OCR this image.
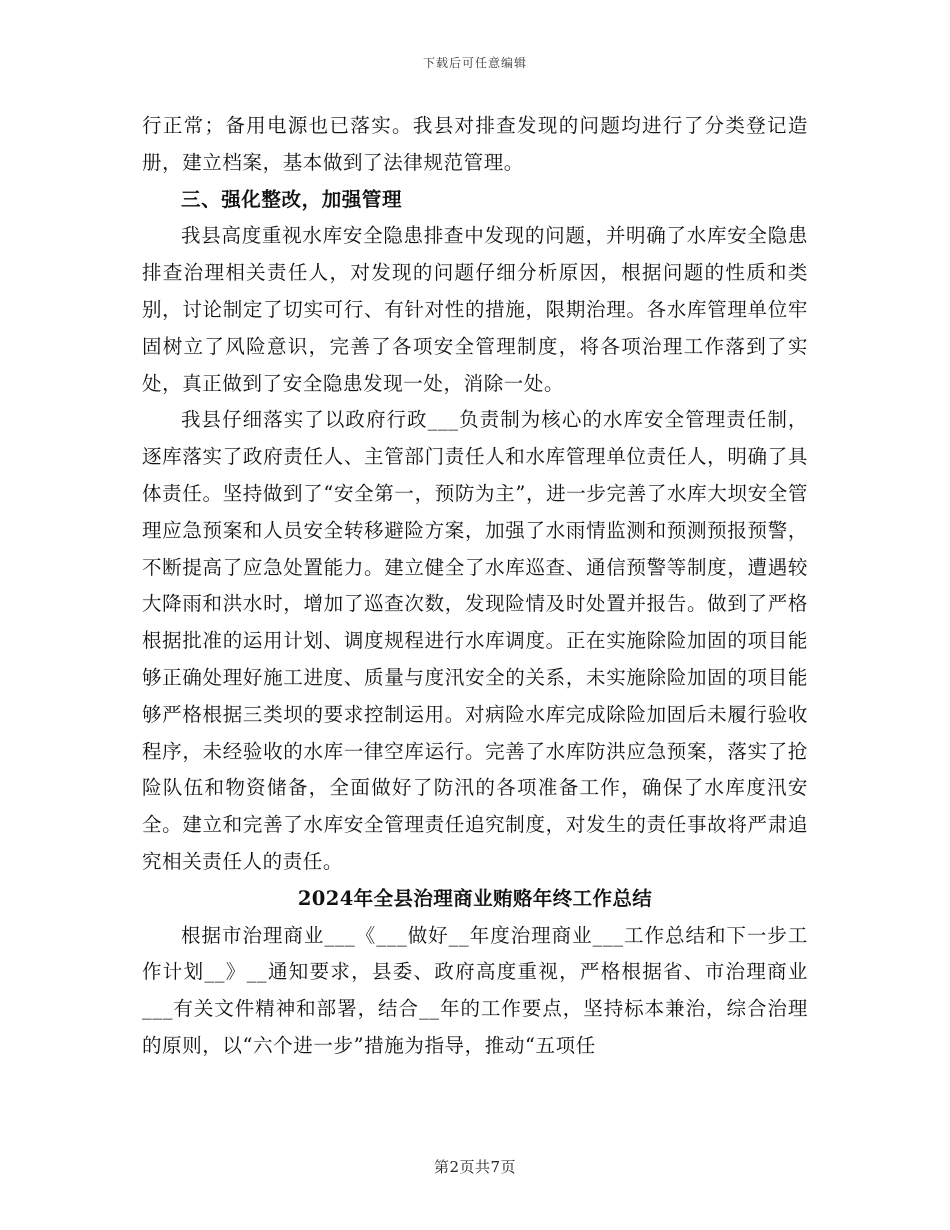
下载后可任意编辑

行正常；备用电源也已落实。我县对排查发现的问题均进行了分类登记造册，建立档案，基本做到了法律规范管理。

三、强化整改，加强管理

我县高度重视水库安全隐患排查中发现的问题，并明确了水库安全隐患排查治理相关责任人，对发现的问题仔细分析原因，根据问题的性质和类别，讨论制定了切实可行、有针对性的措施，限期治理。各水库管理单位牢固树立了风险意识，完善了各项安全管理制度，将各项治理工作落到了实处，真正做到了安全隐患发现一处，消除一处。

我县仔细落实了以政府行政___负责制为核心的水库安全管理责任制，逐库落实了政府责任人、主管部门责任人和水库管理单位责任人，明确了具体责任。坚持做到了“安全第一，预防为主”，进一步完善了水库大坝安全管理应急预案和人员安全转移避险方案，加强了水雨情监测和预测预报预警，不断提高了应急处置能力。建立健全了水库巡查、通信预警等制度，遭遇较大降雨和洪水时，增加了巡查次数，发现险情及时处置并报告。做到了严格根据批准的运用计划、调度规程进行水库调度。正在实施除险加固的项目能够正确处理好施工进度、质量与度汛安全的关系，未实施除险加固的项目能够严格根据三类坝的要求控制运用。对病险水库完成除险加固后未履行验收程序，未经验收的水库一律空库运行。完善了水库防洪应急预案，落实了抢险队伍和物资储备，全面做好了防汛的各项准备工作，确保了水库度汛安全。建立和完善了水库安全管理责任追究制度，对发生的责任事故将严肃追究相关责任人的责任。

2024年全县治理商业贿赂年终工作总结

根据市治理商业___《___做好__年度治理商业___工作总结和下一步工作计划__》__通知要求，县委、政府高度重视，严格根据省、市治理商业___有关文件精神和部署，结合__年的工作要点，坚持标本兼治，综合治理的原则，以“六个进一步”措施为指导，推动“五项任

第2页共7页
